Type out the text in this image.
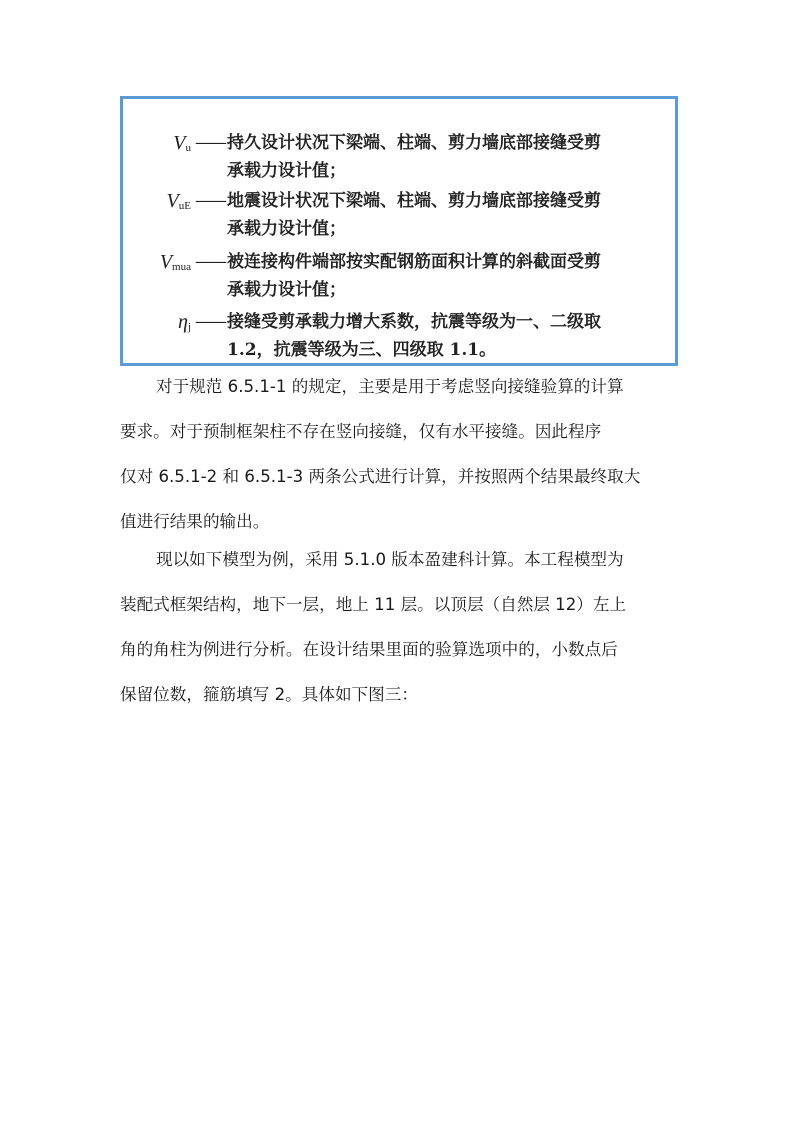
$V_u$ —— 持久设计状况下梁端、柱端、剪力墙底部接缝受剪
承载力设计值；
$V_{uE}$ —— 地震设计状况下梁端、柱端、剪力墙底部接缝受剪
承载力设计值；
$V_{mua}$ —— 被连接构件端部按实配钢筋面积计算的斜截面受剪
承载力设计值；
$\eta_j$ —— 接缝受剪承载力增大系数，抗震等级为一、二级取
1.2，抗震等级为三、四级取 1.1。
对于规范 6.5.1-1 的规定，主要是用于考虑竖向接缝验算的计算
要求。对于预制框架柱不存在竖向接缝，仅有水平接缝。因此程序
仅对 6.5.1-2 和 6.5.1-3 两条公式进行计算，并按照两个结果最终取大
值进行结果的输出。
现以如下模型为例，采用 5.1.0 版本盈建科计算。本工程模型为
装配式框架结构，地下一层，地上 11 层。以顶层（自然层 12）左上
角的角柱为例进行分析。在设计结果里面的验算选项中的，小数点后
保留位数，箍筋填写 2。具体如下图三：
